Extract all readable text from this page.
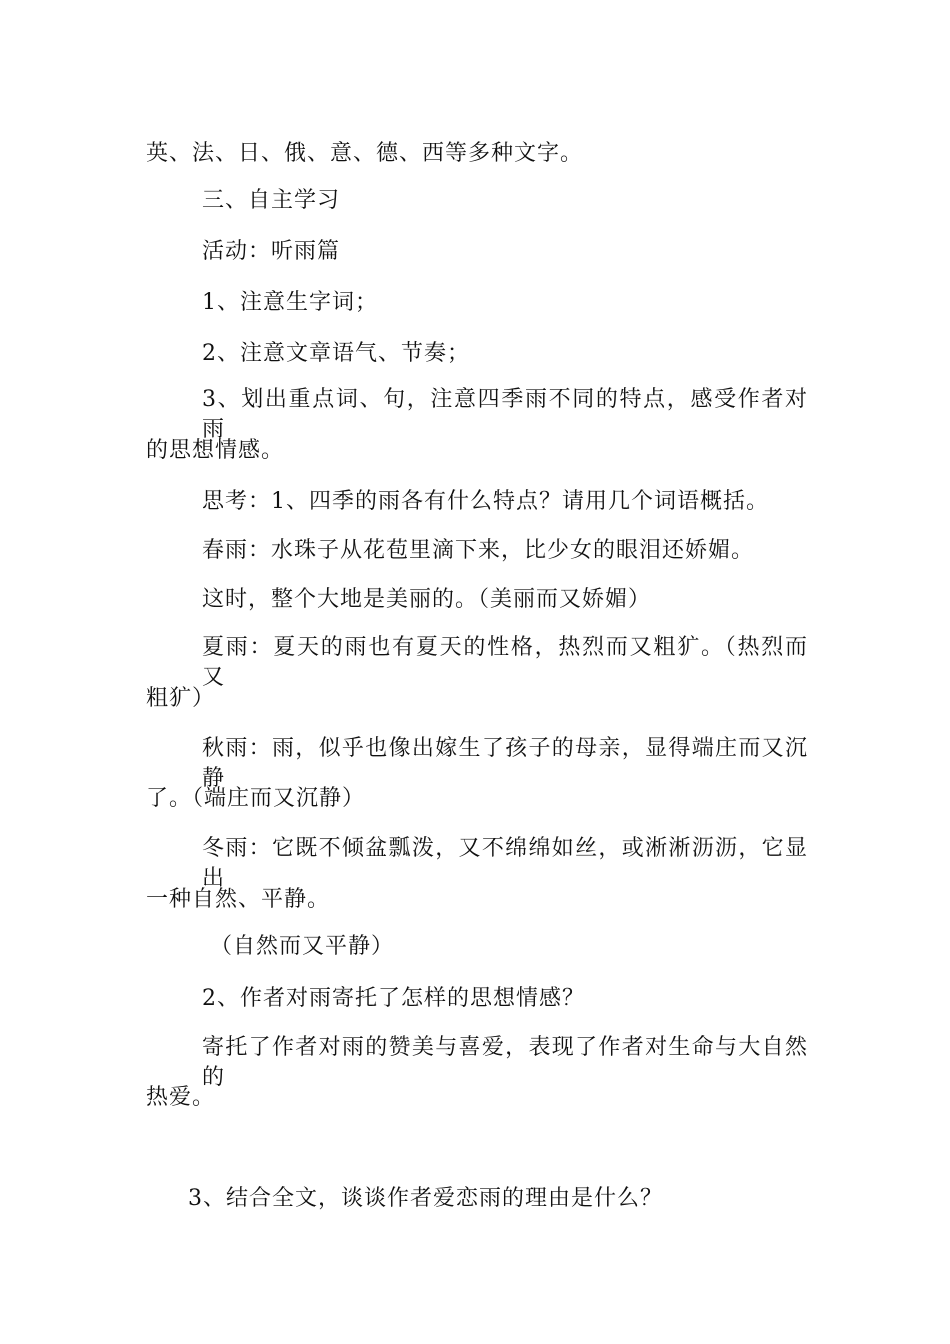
英、法、日、俄、意、德、西等多种文字。

三、自主学习

活动：听雨篇

1、注意生字词；

2、注意文章语气、节奏；

3、划出重点词、句，注意四季雨不同的特点，感受作者对雨

的思想情感。

思考：1、四季的雨各有什么特点？请用几个词语概括。

春雨：水珠子从花苞里滴下来，比少女的眼泪还娇媚。

这时，整个大地是美丽的。（美丽而又娇媚）

夏雨：夏天的雨也有夏天的性格，热烈而又粗犷。（热烈而又

粗犷）

秋雨：雨，似乎也像出嫁生了孩子的母亲，显得端庄而又沉静

了。（端庄而又沉静）

冬雨：它既不倾盆瓢泼，又不绵绵如丝，或淅淅沥沥，它显出

一种自然、平静。

（自然而又平静）

2、作者对雨寄托了怎样的思想情感？

寄托了作者对雨的赞美与喜爱，表现了作者对生命与大自然的

热爱。

3、结合全文，谈谈作者爱恋雨的理由是什么？
